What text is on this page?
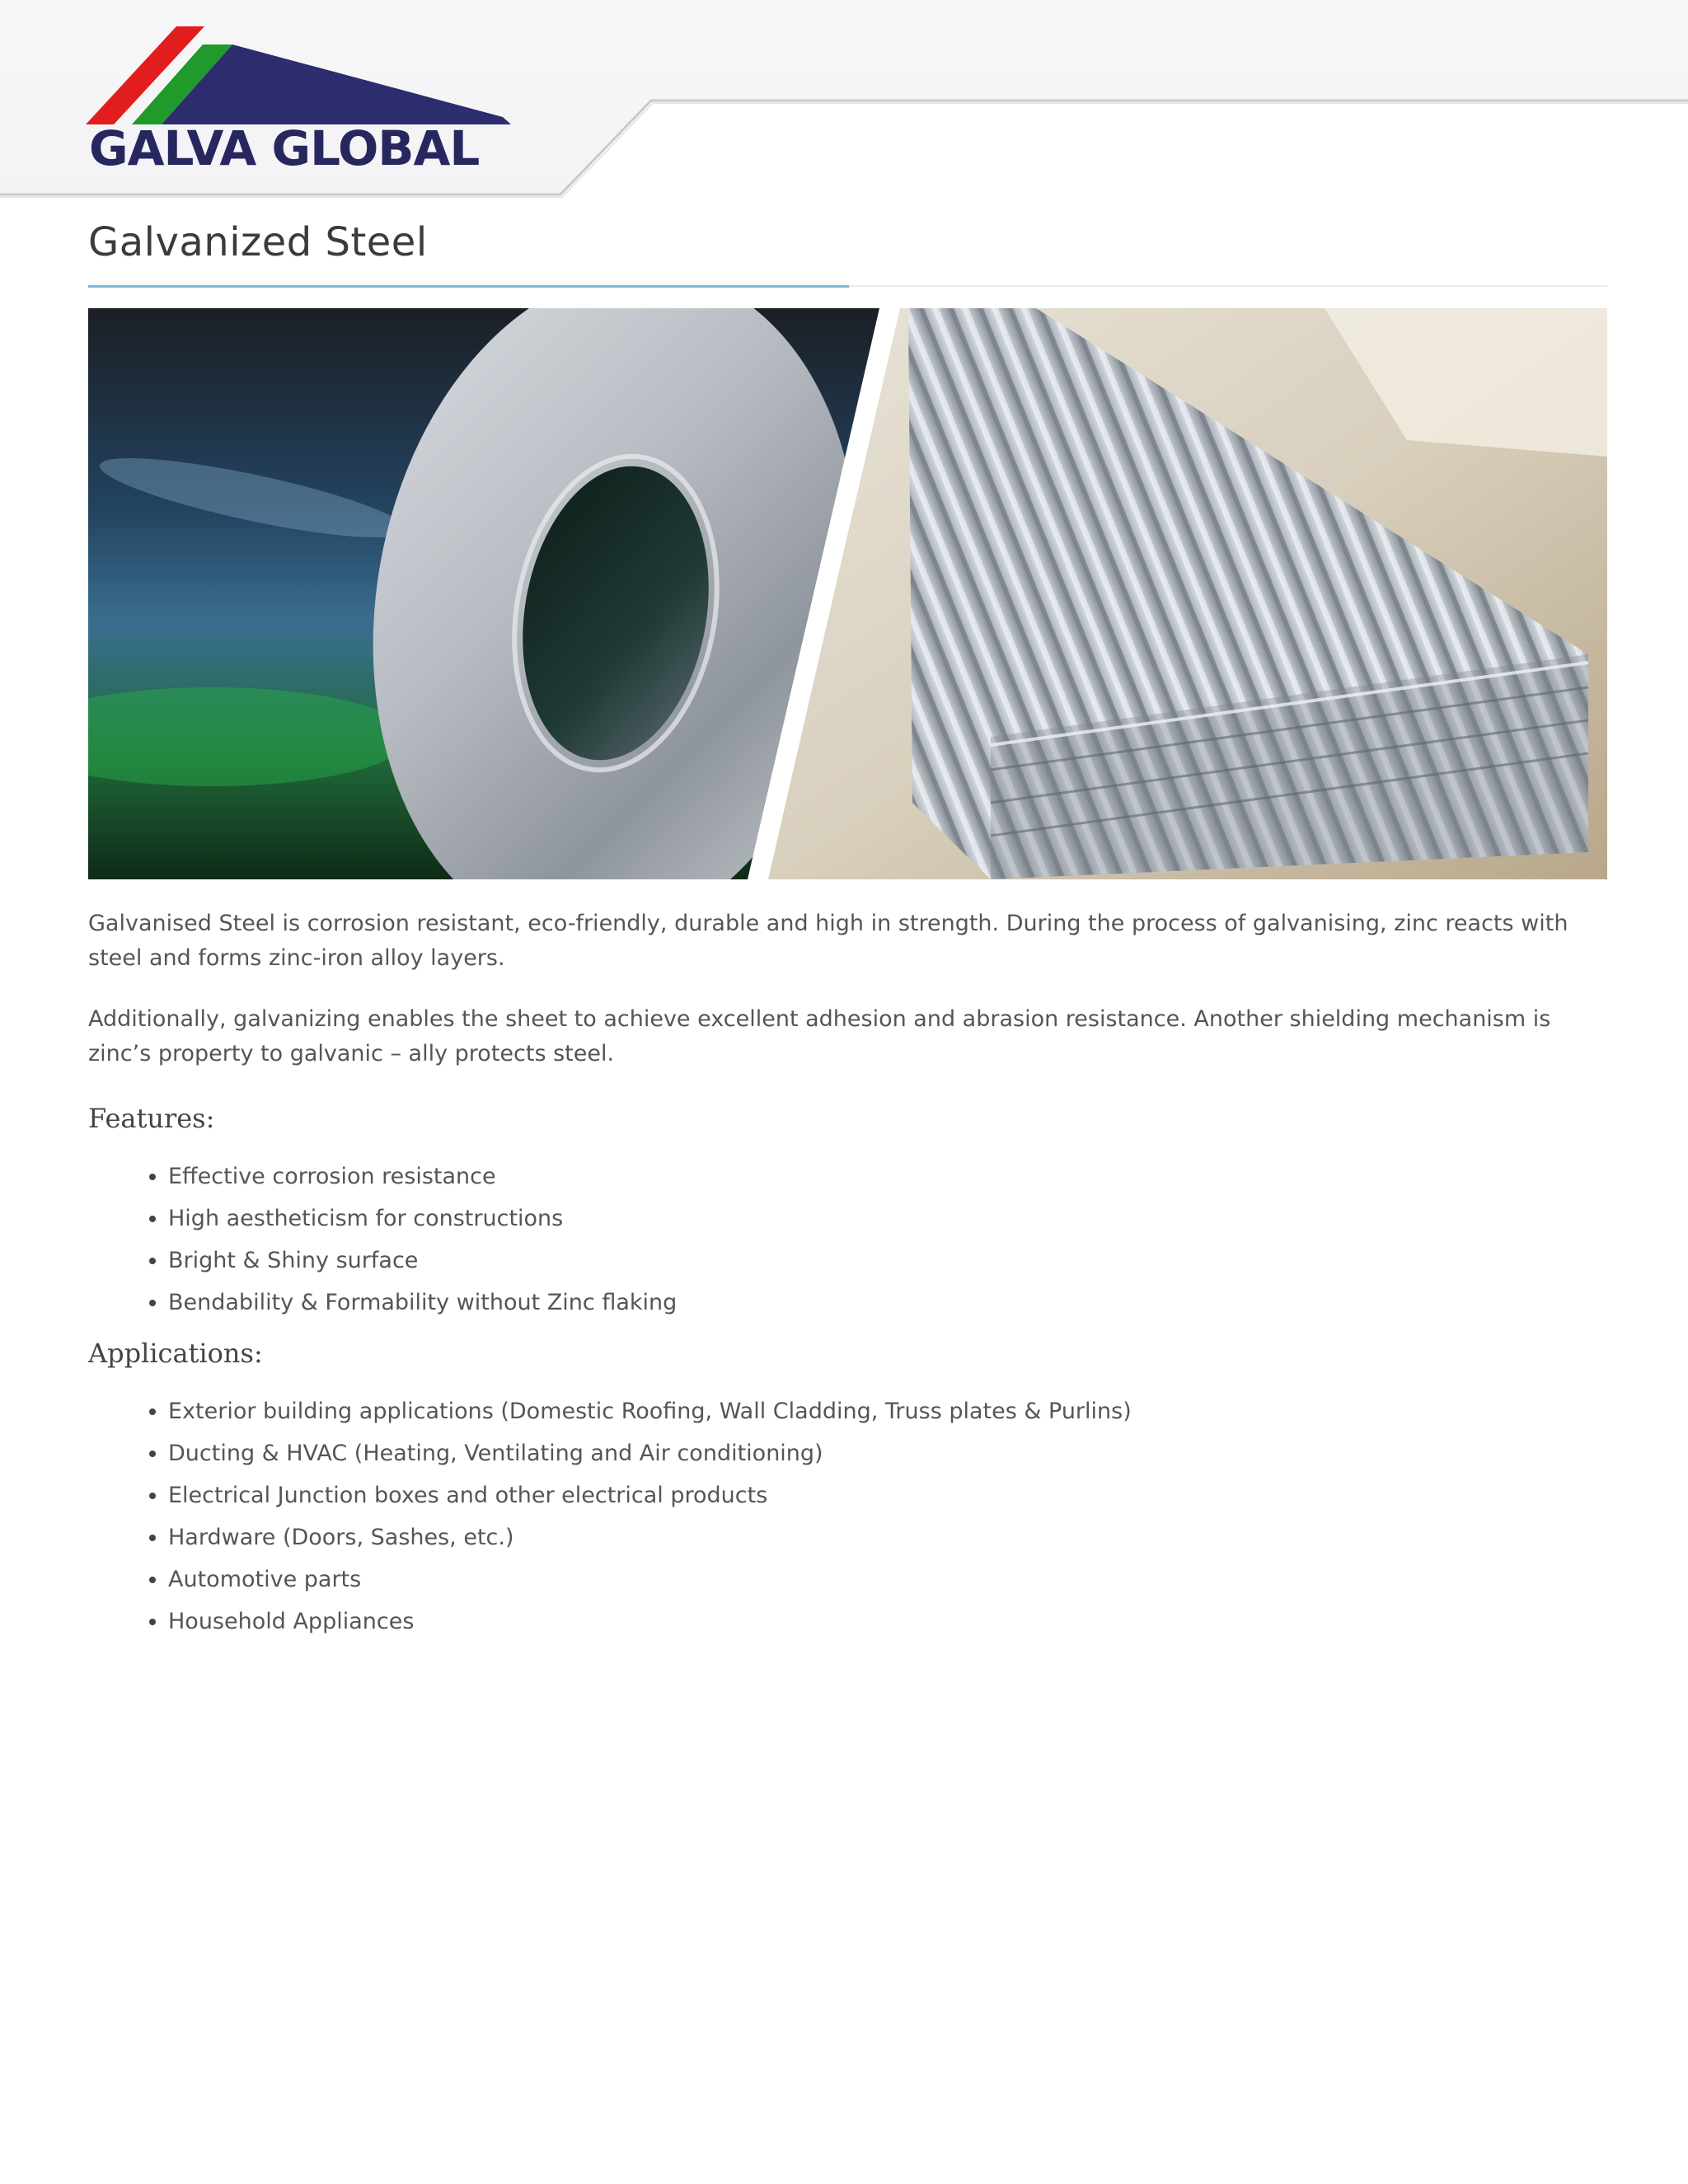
GALVA GLOBAL
Galvanized Steel

Galvanised Steel is corrosion resistant, eco-friendly, durable and high in strength. During the process of galvanising, zinc reacts with steel and forms zinc-iron alloy layers.

Additionally, galvanizing enables the sheet to achieve excellent adhesion and abrasion resistance. Another shielding mechanism is zinc’s property to galvanic – ally protects steel.

Features:
• Effective corrosion resistance
• High aestheticism for constructions
• Bright & Shiny surface
• Bendability & Formability without Zinc flaking
Applications:
• Exterior building applications (Domestic Roofing, Wall Cladding, Truss plates & Purlins)
• Ducting & HVAC (Heating, Ventilating and Air conditioning)
• Electrical Junction boxes and other electrical products
• Hardware (Doors, Sashes, etc.)
• Automotive parts
• Household Appliances
